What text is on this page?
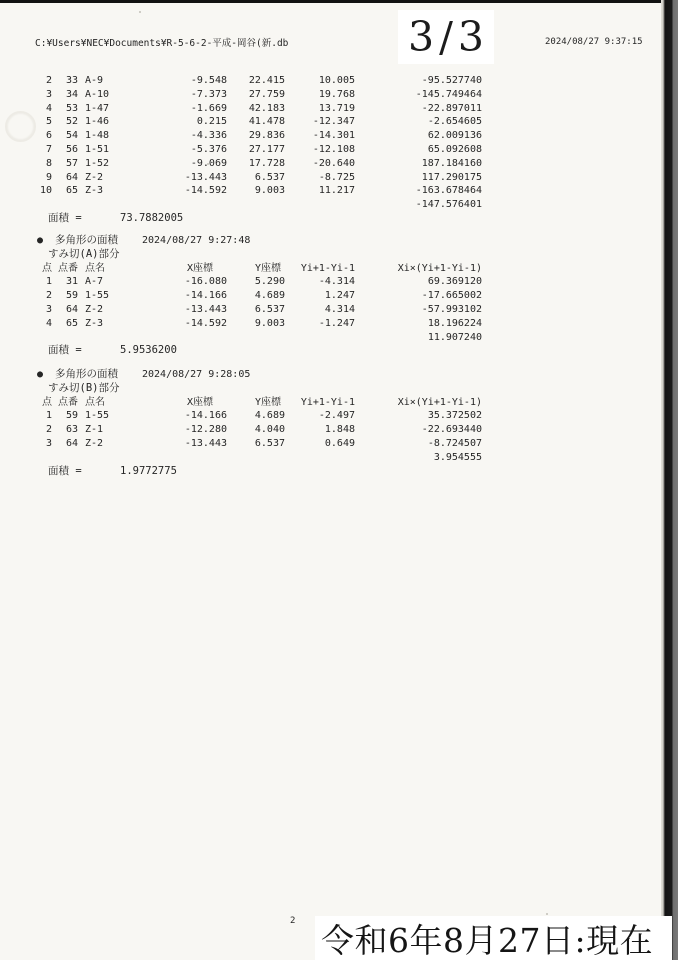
C:¥Users¥NEC¥Documents¥R-5-6-2-平成-岡谷(新.db	3/3	2024/08/27 9:37:15
2	33 A-9	-9.548	22.415	10.005	-95.527740
3	34 A-10	-7.373	27.759	19.768	-145.749464
4	53 1-47	-1.669	42.183	13.719	-22.897011
5	52 1-46	0.215	41.478	-12.347	-2.654605
6	54 1-48	-4.336	29.836	-14.301	62.009136
7	56 1-51	-5.376	27.177	-12.108	65.092608
8	57 1-52	-9.069	17.728	-20.640	187.184160
9	64 Z-2	-13.443	6.537	-8.725	117.290175
10	65 Z-3	-14.592	9.003	11.217	-163.678464
-147.576401
面積 =	73.7882005
●	多角形の面積 2024/08/27 9:27:48
すみ切(A)部分
点 点番 点名	X座標	Y座標	Yi+1-Yi-1	Xi×(Yi+1-Yi-1)
1	31 A-7	-16.080	5.290	-4.314	69.369120
2	59 1-55	-14.166	4.689	1.247	-17.665002
3	64 Z-2	-13.443	6.537	4.314	-57.993102
4	65 Z-3	-14.592	9.003	-1.247	18.196224
11.907240
面積 =	5.9536200
●	多角形の面積 2024/08/27 9:28:05
すみ切(B)部分
点 点番 点名	X座標	Y座標	Yi+1-Yi-1	Xi×(Yi+1-Yi-1)
1	59 1-55	-14.166	4.689	-2.497	35.372502
2	63 Z-1	-12.280	4.040	1.848	-22.693440
3	64 Z-2	-13.443	6.537	0.649	-8.724507
3.954555
面積 =	1.9772775
2 令和6年8月27日:現在
